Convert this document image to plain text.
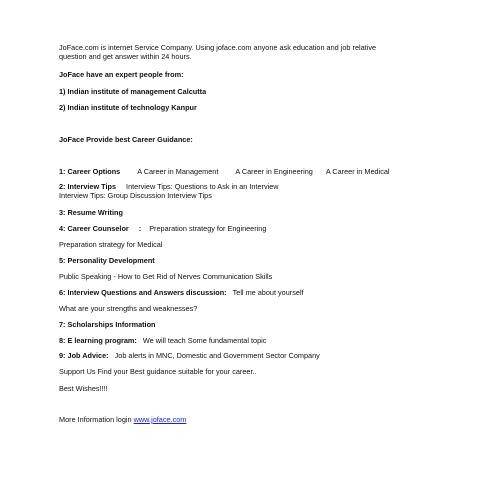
JoFace.com is internet Service Company. Using joface.com anyone ask education and job relative
question and get answer within 24 hours.
JoFace have an expert people from:
1) Indian institute of management Calcutta
2) Indian institute of technology Kanpur
JoFace Provide best Career Guidance:
1: Career Options A Career in Management A Career in Engineering A Career in Medical
2: Interview Tips Interview Tips: Questions to Ask in an Interview
Interview Tips: Group Discussion Interview Tips
3: Resume Writing
4: Career Counselor : Preparation strategy for Engineering
Preparation strategy for Medical
5: Personality Development
Public Speaking - How to Get Rid of Nerves Communication Skills
6: Interview Questions and Answers discussion: Tell me about yourself
What are your strengths and weaknesses?
7: Scholarships Information
8: E learning program: We will teach Some fundamental topic
9: Job Advice: Job alerts in MNC, Domestic and Government Sector Company
Support Us Find your Best guidance suitable for your career..
Best Wishes!!!!
More Information login www.joface.com
